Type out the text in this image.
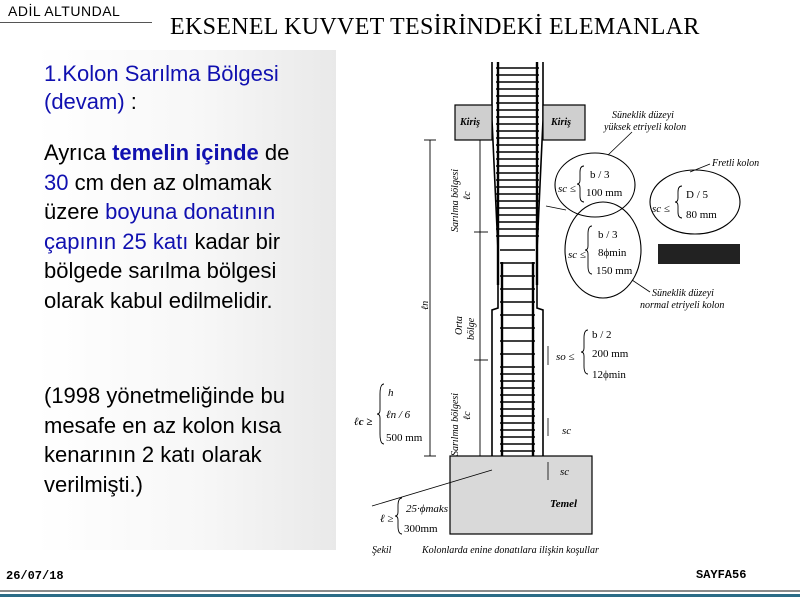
ADİL ALTUNDAL
EKSENEL KUVVET TESİRİNDEKİ ELEMANLAR
1.Kolon Sarılma Bölgesi (devam) :
Ayrıca temelin içinde de 30 cm den az olmamak üzere boyuna donatının çapının 25 katı kadar bir bölgede sarılma bölgesi olarak kabul edilmelidir.
(1998 yönetmeliğinde bu mesafe en az kolon kısa kenarının 2 katı olarak verilmişti.)
Kiriş	Kiriş
Temel
Sarılma bölgesi
Orta bölge
Sarılma bölgesi
ℓc
ℓc
ℓn
Süneklik düzeyi
yüksek etriyeli kolon
sc ≤
b / 3
100 mm
sc ≤
b / 3
8ϕmin
150 mm
Fretli kolon
sc ≤
D / 5
80 mm
Süneklik düzeyi
normal etriyeli kolon
so ≤
b / 2
200 mm
12ϕmin
ℓc ≥
h
ℓn / 6
500 mm
sc
sc
ℓ ≥
25·ϕmaks
300mm
Şekil	Kolonlarda enine donatılara ilişkin koşullar
26/07/18	SAYFA56
